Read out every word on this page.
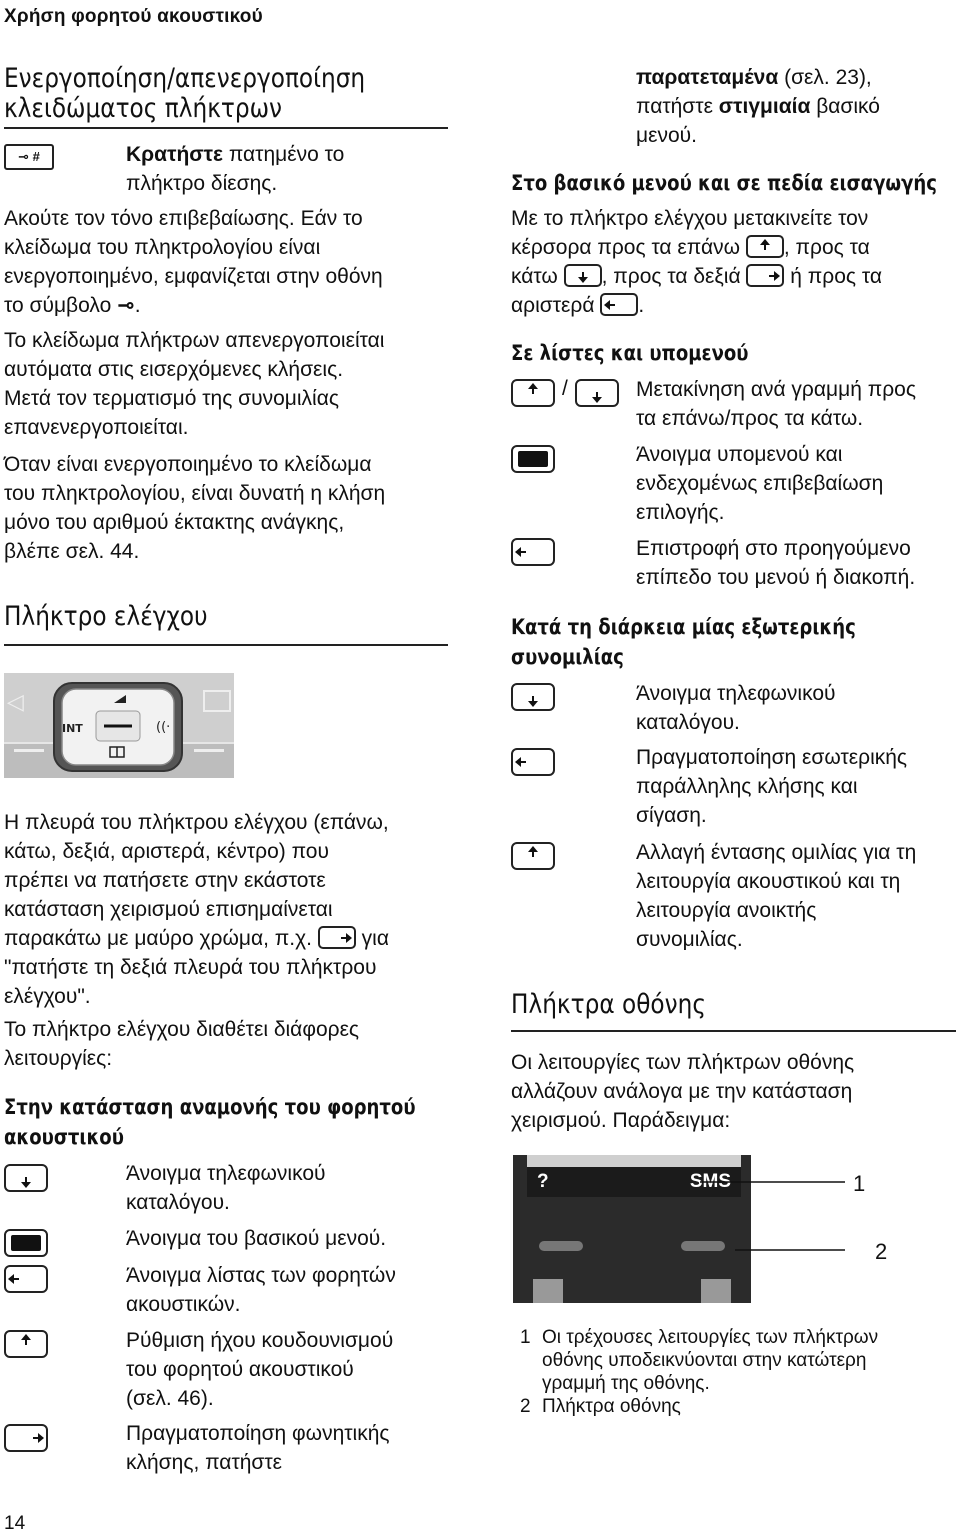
Χρήση φορητού ακουστικού
Ενεργοποίηση/απενεργοποίηση
κλειδώματος πλήκτρων
⊸ #	Κρατήστε πατημένο το
πλήκτρο δίεσης.
Ακούτε τον τόνο επιβεβαίωσης. Εάν το
κλείδωμα του πληκτρολογίου είναι
ενεργοποιημένο, εμφανίζεται στην οθόνη
το σύμβολο ⊸.
Το κλείδωμα πλήκτρων απενεργοποιείται
αυτόματα στις εισερχόμενες κλήσεις.
Μετά τον τερματισμό της συνομιλίας
επανενεργοποιείται.
Όταν είναι ενεργοποιημένο το κλείδωμα
του πληκτρολογίου, είναι δυνατή η κλήση
μόνο του αριθμού έκτακτης ανάγκης,
βλέπε σελ. 44.
Πλήκτρο ελέγχου
◁
INT	((·
Η πλευρά του πλήκτρου ελέγχου (επάνω,
κάτω, δεξιά, αριστερά, κέντρο) που
πρέπει να πατήσετε στην εκάστοτε
κατάσταση χειρισμού επισημαίνεται
παρακάτω με μαύρο χρώμα, π.χ. για
"πατήστε τη δεξιά πλευρά του πλήκτρου
ελέγχου".
Το πλήκτρο ελέγχου διαθέτει διάφορες
λειτουργίες:
Στην κατάσταση αναμονής του φορητού
ακουστικού
Άνοιγμα τηλεφωνικού
καταλόγου.
Άνοιγμα του βασικού μενού.
Άνοιγμα λίστας των φορητών
ακουστικών.
Ρύθμιση ήχου κουδουνισμού
του φορητού ακουστικού
(σελ. 46).
Πραγματοποίηση φωνητικής
κλήσης, πατήστε
14
παρατεταμένα (σελ. 23),
πατήστε στιγμιαία βασικό
μενού.
Στο βασικό μενού και σε πεδία εισαγωγής
Με το πλήκτρο ελέγχου μετακινείτε τον
κέρσορα προς τα επάνω , προς τα
κάτω , προς τα δεξιά ή προς τα
αριστερά .
Σε λίστες και υπομενού
/	Μετακίνηση ανά γραμμή προς
τα επάνω/προς τα κάτω.
Άνοιγμα υπομενού και
ενδεχομένως επιβεβαίωση
επιλογής.
Επιστροφή στο προηγούμενο
επίπεδο του μενού ή διακοπή.
Κατά τη διάρκεια μίας εξωτερικής
συνομιλίας
Άνοιγμα τηλεφωνικού
καταλόγου.
Πραγματοποίηση εσωτερικής
παράλληλης κλήσης και
σίγαση.
Αλλαγή έντασης ομιλίας για τη
λειτουργία ακουστικού και τη
λειτουργία ανοικτής
συνομιλίας.
Πλήκτρα οθόνης
Οι λειτουργίες των πλήκτρων οθόνης
αλλάζουν ανάλογα με την κατάσταση
χειρισμού. Παράδειγμα:
?	SMS	1
2
1 Οι τρέχουσες λειτουργίες των πλήκτρων
οθόνης υποδεικνύονται στην κατώτερη
γραμμή της οθόνης.
2 Πλήκτρα οθόνης
